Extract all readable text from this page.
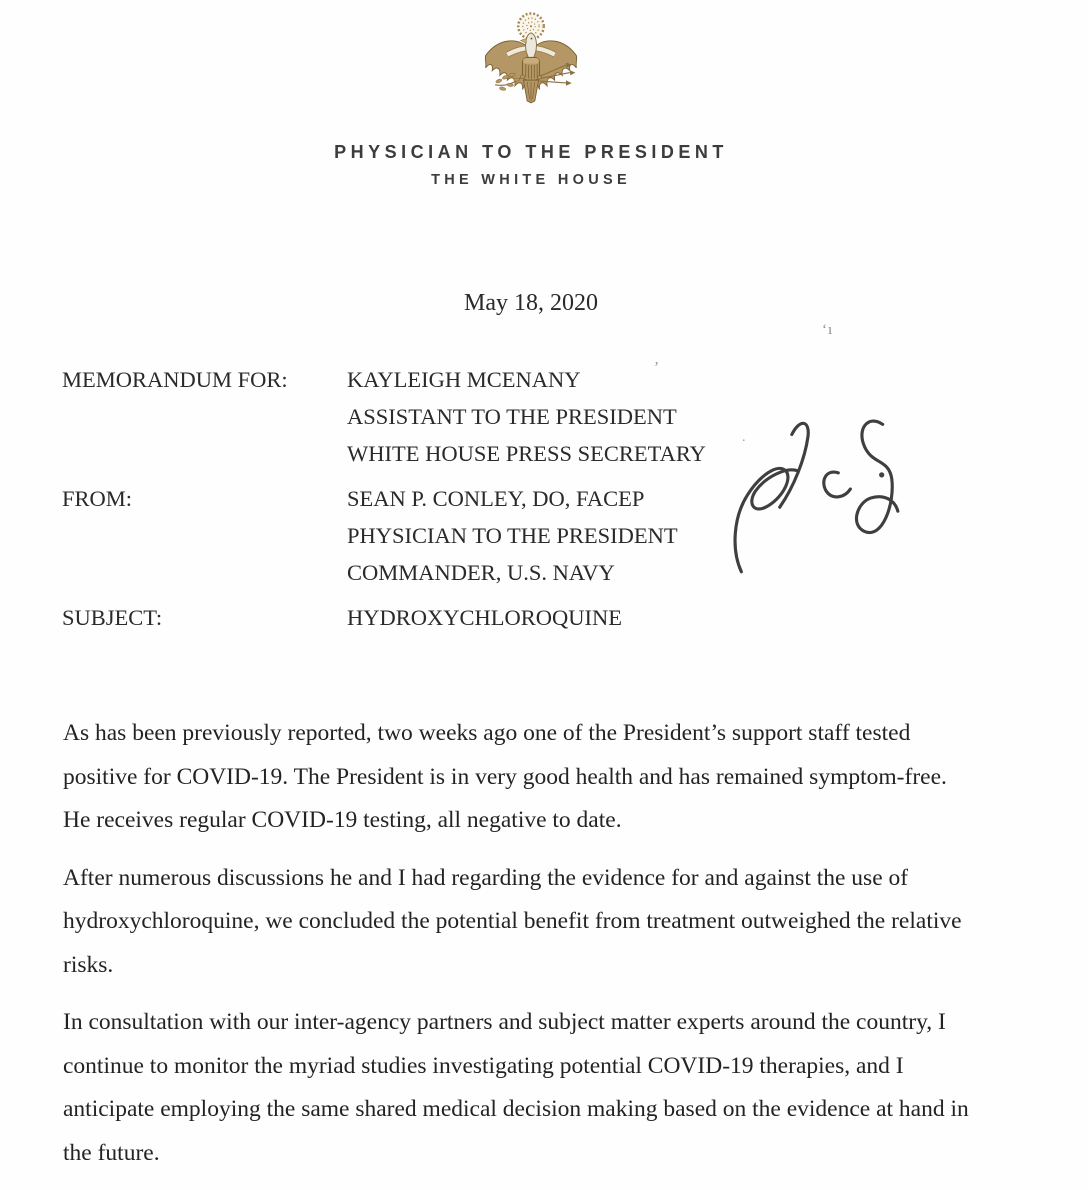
PHYSICIAN TO THE PRESIDENT
THE WHITE HOUSE
May 18, 2020
MEMORANDUM FOR:	KAYLEIGH MCENANY
ASSISTANT TO THE PRESIDENT
WHITE HOUSE PRESS SECRETARY
FROM:	SEAN P. CONLEY, DO, FACEP
PHYSICIAN TO THE PRESIDENT
COMMANDER, U.S. NAVY
SUBJECT:	HYDROXYCHLOROQUINE
ʻı
ʼ
.
As has been previously reported, two weeks ago one of the President’s support staff tested
positive for COVID-19. The President is in very good health and has remained symptom-free.
He receives regular COVID-19 testing, all negative to date.
After numerous discussions he and I had regarding the evidence for and against the use of
hydroxychloroquine, we concluded the potential benefit from treatment outweighed the relative
risks.
In consultation with our inter-agency partners and subject matter experts around the country, I
continue to monitor the myriad studies investigating potential COVID-19 therapies, and I
anticipate employing the same shared medical decision making based on the evidence at hand in
the future.
